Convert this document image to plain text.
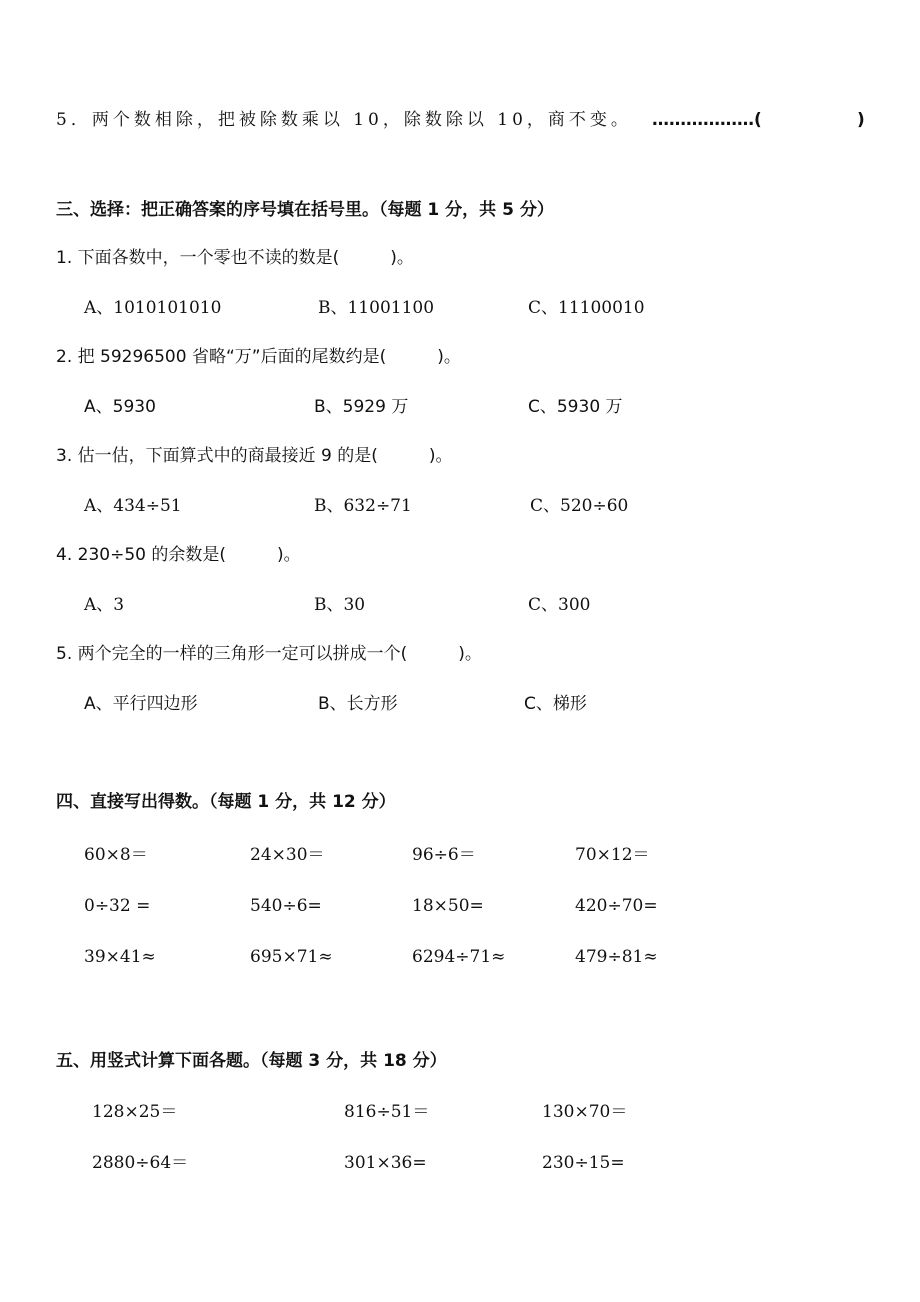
5．两个数相除，把被除数乘以 10，除数除以 10，商不变。 ………………(	)
三、选择：把正确答案的序号填在括号里。（每题 1 分，共 5 分）
1. 下面各数中，一个零也不读的数是(　　　)。
A、1010101010	B、11001100	C、11100010
2. 把 59296500 省略“万”后面的尾数约是(　　　)。
A、5930	B、5929 万	C、5930 万
3. 估一估，下面算式中的商最接近 9 的是(　　　)。
A、434÷51	B、632÷71	C、520÷60
4. 230÷50 的余数是(　　　)。
A、3	B、30	C、300
5. 两个完全的一样的三角形一定可以拼成一个(　　　)。
A、平行四边形	B、长方形	C、梯形
四、直接写出得数。（每题 1 分，共 12 分）
60×8＝	24×30＝	96÷6＝	70×12＝
0÷32 =	540÷6=	18×50=	420÷70=
39×41≈	695×71≈	6294÷71≈	479÷81≈
五、用竖式计算下面各题。（每题 3 分，共 18 分）
128×25＝	816÷51＝	130×70＝
2880÷64＝	301×36=	230÷15=
